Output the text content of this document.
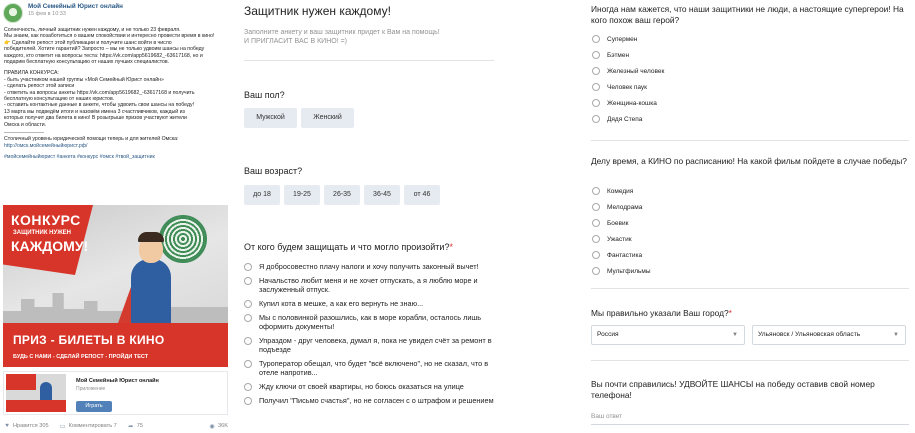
Мой Семейный Юрист онлайн
15 фев в 10:33

Солнечность, личный защитник нужен каждому, и не только 23 февраля.

Мы знаем, как позаботиться о вашем спокойствии и интересно провести время в кино!

👉 Сделайте репост этой публикации и получите шанс войти в число

победителей. Хотите гарантий? Запросто – мы не только удвоим шансы на победу

каждого, кто ответит на вопросы теста: https://vk.com/app5619682_-63617168, но и

подарим бесплатную консультацию от наших лучших специалистов.

ПРАВИЛА КОНКУРСА:

- быть участником нашей группы «Мой Семейный Юрист онлайн»

- сделать репост этой записи

- ответить на вопросы анкеты https://vk.com/app5619682_-63617168 и получить

бесплатную консультацию от наших юристов.

- оставить контактные данные в анкете, чтобы удвоить свои шансы на победу!

13 марта мы подведём итоги и назовём имена 3 счастливчиков, каждый из

которых получит два билета в кино! В розыгрыше призов участвуют жители

Омска и области.

Столичный уровень юридической помощи теперь и для жителей Омска:

http://омск.мойсемейныйюрист.рф/

#мойсемейныйюрист #анкета #конкурс #омск #твой_защитник

КОНКУРС
ЗАЩИТНИК НУЖЕН
КАЖДОМУ!
ПРИЗ - БИЛЕТЫ В КИНО
БУДЬ С НАМИ - СДЕЛАЙ РЕПОСТ - ПРОЙДИ ТЕСТ
Мой Семейный Юрист онлайн
Приложение
Играть
♥ Нравится 305 ▭ Комментировать 7 ➦ 75	◉ 36K
Защитник нужен каждому!
Заполните анкету и ваш защитник придет к Вам на помощь!
И ПРИГЛАСИТ ВАС В КИНО! =)
Ваш пол?
Мужской	Женский
Ваш возраст?
до 18	19-25	26-35	36-45	от 46
От кого будем защищать и что могло произойти?*
Я добросовестно плачу налоги и хочу получить законный вычет!
Начальство любит меня и не хочет отпускать, а я люблю море и заслуженный отпуск.
Купил кота в мешке, а как его вернуть не знаю...
Мы с половинкой разошлись, как в море корабли, осталось лишь оформить документы!
Упраздом - друг человека, думал я, пока не увидел счёт за ремонт в подъезде
Туроператор обещал, что будет "всё включено", но не сказал, что в отеле напротив...
Жду ключи от своей квартиры, но боюсь оказаться на улице
Получил "Письмо счастья", но не согласен с о штрафом и решением
Иногда нам кажется, что наши защитники не люди, а настоящие супергерои! На кого похож ваш герой?
Супермен
Бэтмен
Железный человек
Человек паук
Женщина-кошка
Дядя Степа
Делу время, а КИНО по расписанию! На какой фильм пойдете в случае победы?
Комедия
Мелодрама
Боевик
Ужастик
Фантастика
Мультфильмы
Мы правильно указали Ваш город?*
Россия	▼	Ульяновск / Ульяновская область	▼
Вы почти справились! УДВОЙТЕ ШАНСЫ на победу оставив свой номер телефона!
Ваш ответ
